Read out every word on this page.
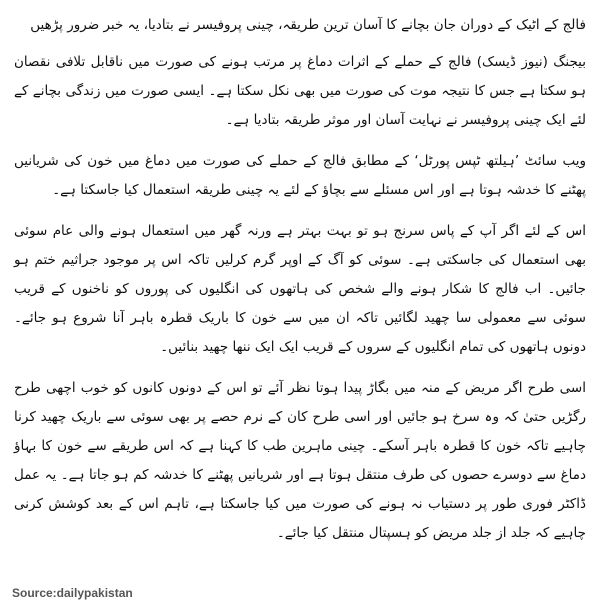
فالج کے اٹیک کے دوران جان بچانے کا آسان ترین طریقہ، چینی پروفیسر نے بتادیا، یہ خبر ضرور پڑھیں

بیجنگ (نیوز ڈیسک) فالج کے حملے کے اثرات دماغ پر مرتب ہونے کی صورت میں ناقابل تلافی نقصان ہو سکتا ہے جس کا نتیجہ موت کی صورت میں بھی نکل سکتا ہے۔ ایسی صورت میں زندگی بچانے کے لئے ایک چینی پروفیسر نے نہایت آسان اور موثر طریقہ بتادیا ہے۔

ویب سائٹ ’ہیلتھ ٹپس پورٹل‘ کے مطابق فالج کے حملے کی صورت میں دماغ میں خون کی شریانیں پھٹنے کا خدشہ ہوتا ہے اور اس مسئلے سے بچاؤ کے لئے یہ چینی طریقہ استعمال کیا جاسکتا ہے۔

اس کے لئے اگر آپ کے پاس سرنج ہو تو بہت بہتر ہے ورنہ گھر میں استعمال ہونے والی عام سوئی بھی استعمال کی جاسکتی ہے۔ سوئی کو آگ کے اوپر گرم کرلیں تاکہ اس پر موجود جراثیم ختم ہو جائیں۔ اب فالج کا شکار ہونے والے شخص کی ہاتھوں کی انگلیوں کی پوروں کو ناخنوں کے قریب سوئی سے معمولی سا چھید لگائیں تاکہ ان میں سے خون کا باریک قطرہ باہر آنا شروع ہو جائے۔ دونوں ہاتھوں کی تمام انگلیوں کے سروں کے قریب ایک ایک ننھا چھید بنائیں۔

اسی طرح اگر مریض کے منہ میں بگاڑ پیدا ہوتا نظر آئے تو اس کے دونوں کانوں کو خوب اچھی طرح رگڑیں حتیٰ کہ وہ سرخ ہو جائیں اور اسی طرح کان کے نرم حصے پر بھی سوئی سے باریک چھید کرنا چاہیے تاکہ خون کا قطرہ باہر آسکے۔ چینی ماہرین طب کا کہنا ہے کہ اس طریقے سے خون کا بہاؤ دماغ سے دوسرے حصوں کی طرف منتقل ہوتا ہے اور شریانیں پھٹنے کا خدشہ کم ہو جاتا ہے۔ یہ عمل ڈاکٹر فوری طور پر دستیاب نہ ہونے کی صورت میں کیا جاسکتا ہے، تاہم اس کے بعد کوشش کرنی چاہیے کہ جلد از جلد مریض کو ہسپتال منتقل کیا جائے۔

Source:dailypakistan
